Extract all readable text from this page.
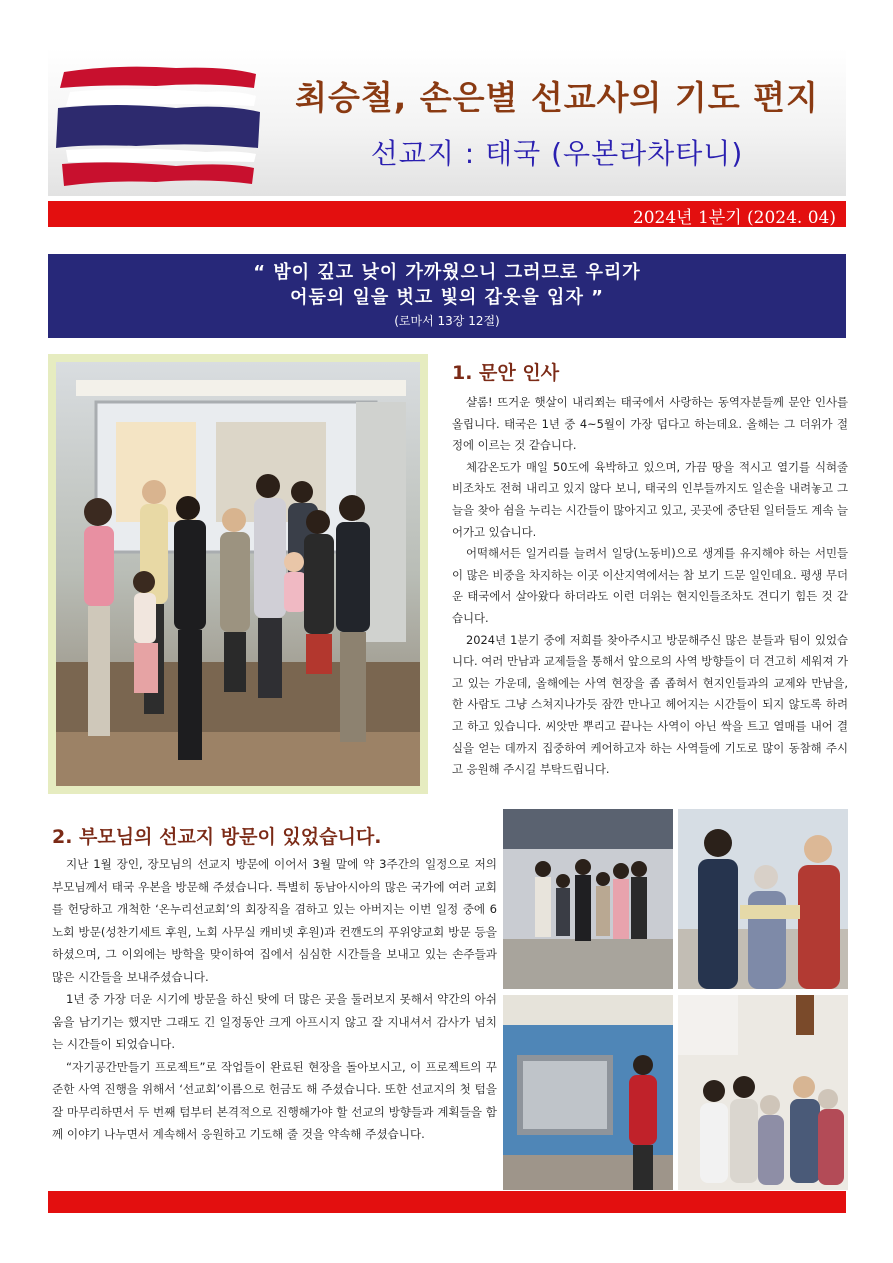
최승철, 손은별 선교사의 기도 편지
선교지 : 태국 (우본라차타니)
2024년 1분기 (2024. 04)
“ 밤이 깊고 낮이 가까웠으니 그러므로 우리가
어둠의 일을 벗고 빛의 갑옷을 입자 ”
(로마서 13장 12절)
1. 문안 인사

샬롬! 뜨거운 햇살이 내리쬐는 태국에서 사랑하는 동역자분들께 문안 인사를 올립니다. 태국은 1년 중 4~5월이 가장 덥다고 하는데요. 올해는 그 더위가 절정에 이르는 것 같습니다.

체감온도가 매일 50도에 육박하고 있으며, 가끔 땅을 적시고 열기를 식혀줄 비조차도 전혀 내리고 있지 않다 보니, 태국의 인부들까지도 일손을 내려놓고 그늘을 찾아 쉼을 누리는 시간들이 많아지고 있고, 곳곳에 중단된 일터들도 계속 늘어가고 있습니다.

어떡해서든 일거리를 늘려서 일당(노동비)으로 생계를 유지해야 하는 서민들이 많은 비중을 차지하는 이곳 이산지역에서는 참 보기 드문 일인데요. 평생 무더운 태국에서 살아왔다 하더라도 이런 더위는 현지인들조차도 견디기 힘든 것 같습니다.

2024년 1분기 중에 저희를 찾아주시고 방문해주신 많은 분들과 팀이 있었습니다. 여러 만남과 교제들을 통해서 앞으로의 사역 방향들이 더 견고히 세워져 가고 있는 가운데, 올해에는 사역 현장을 좀 좁혀서 현지인들과의 교제와 만남을, 한 사람도 그냥 스쳐지나가듯 잠깐 만나고 헤어지는 시간들이 되지 않도록 하려고 하고 있습니다. 씨앗만 뿌리고 끝나는 사역이 아닌 싹을 트고 열매를 내어 결실을 얻는 데까지 집중하여 케어하고자 하는 사역들에 기도로 많이 동참해 주시고 응원해 주시길 부탁드립니다.

2. 부모님의 선교지 방문이 있었습니다.

지난 1월 장인, 장모님의 선교지 방문에 이어서 3월 말에 약 3주간의 일정으로 저의 부모님께서 태국 우본을 방문해 주셨습니다. 특별히 동남아시아의 많은 국가에 여러 교회를 헌당하고 개척한 ‘온누리선교회’의 회장직을 겸하고 있는 아버지는 이번 일정 중에 6노회 방문(성찬기세트 후원, 노회 사무실 캐비넷 후원)과 컨깬도의 푸위양교회 방문 등을 하셨으며, 그 이외에는 방학을 맞이하여 집에서 심심한 시간들을 보내고 있는 손주들과 많은 시간들을 보내주셨습니다.

1년 중 가장 더운 시기에 방문을 하신 탓에 더 많은 곳을 둘러보지 못해서 약간의 아쉬움을 남기기는 했지만 그래도 긴 일정동안 크게 아프시지 않고 잘 지내셔서 감사가 넘치는 시간들이 되었습니다.

“자기공간만들기 프로젝트”로 작업들이 완료된 현장을 돌아보시고, 이 프로젝트의 꾸준한 사역 진행을 위해서 ‘선교회’이름으로 헌금도 해 주셨습니다. 또한 선교지의 첫 텀을 잘 마무리하면서 두 번째 텀부터 본격적으로 진행해가야 할 선교의 방향들과 계획들을 함께 이야기 나누면서 계속해서 응원하고 기도해 줄 것을 약속해 주셨습니다.
